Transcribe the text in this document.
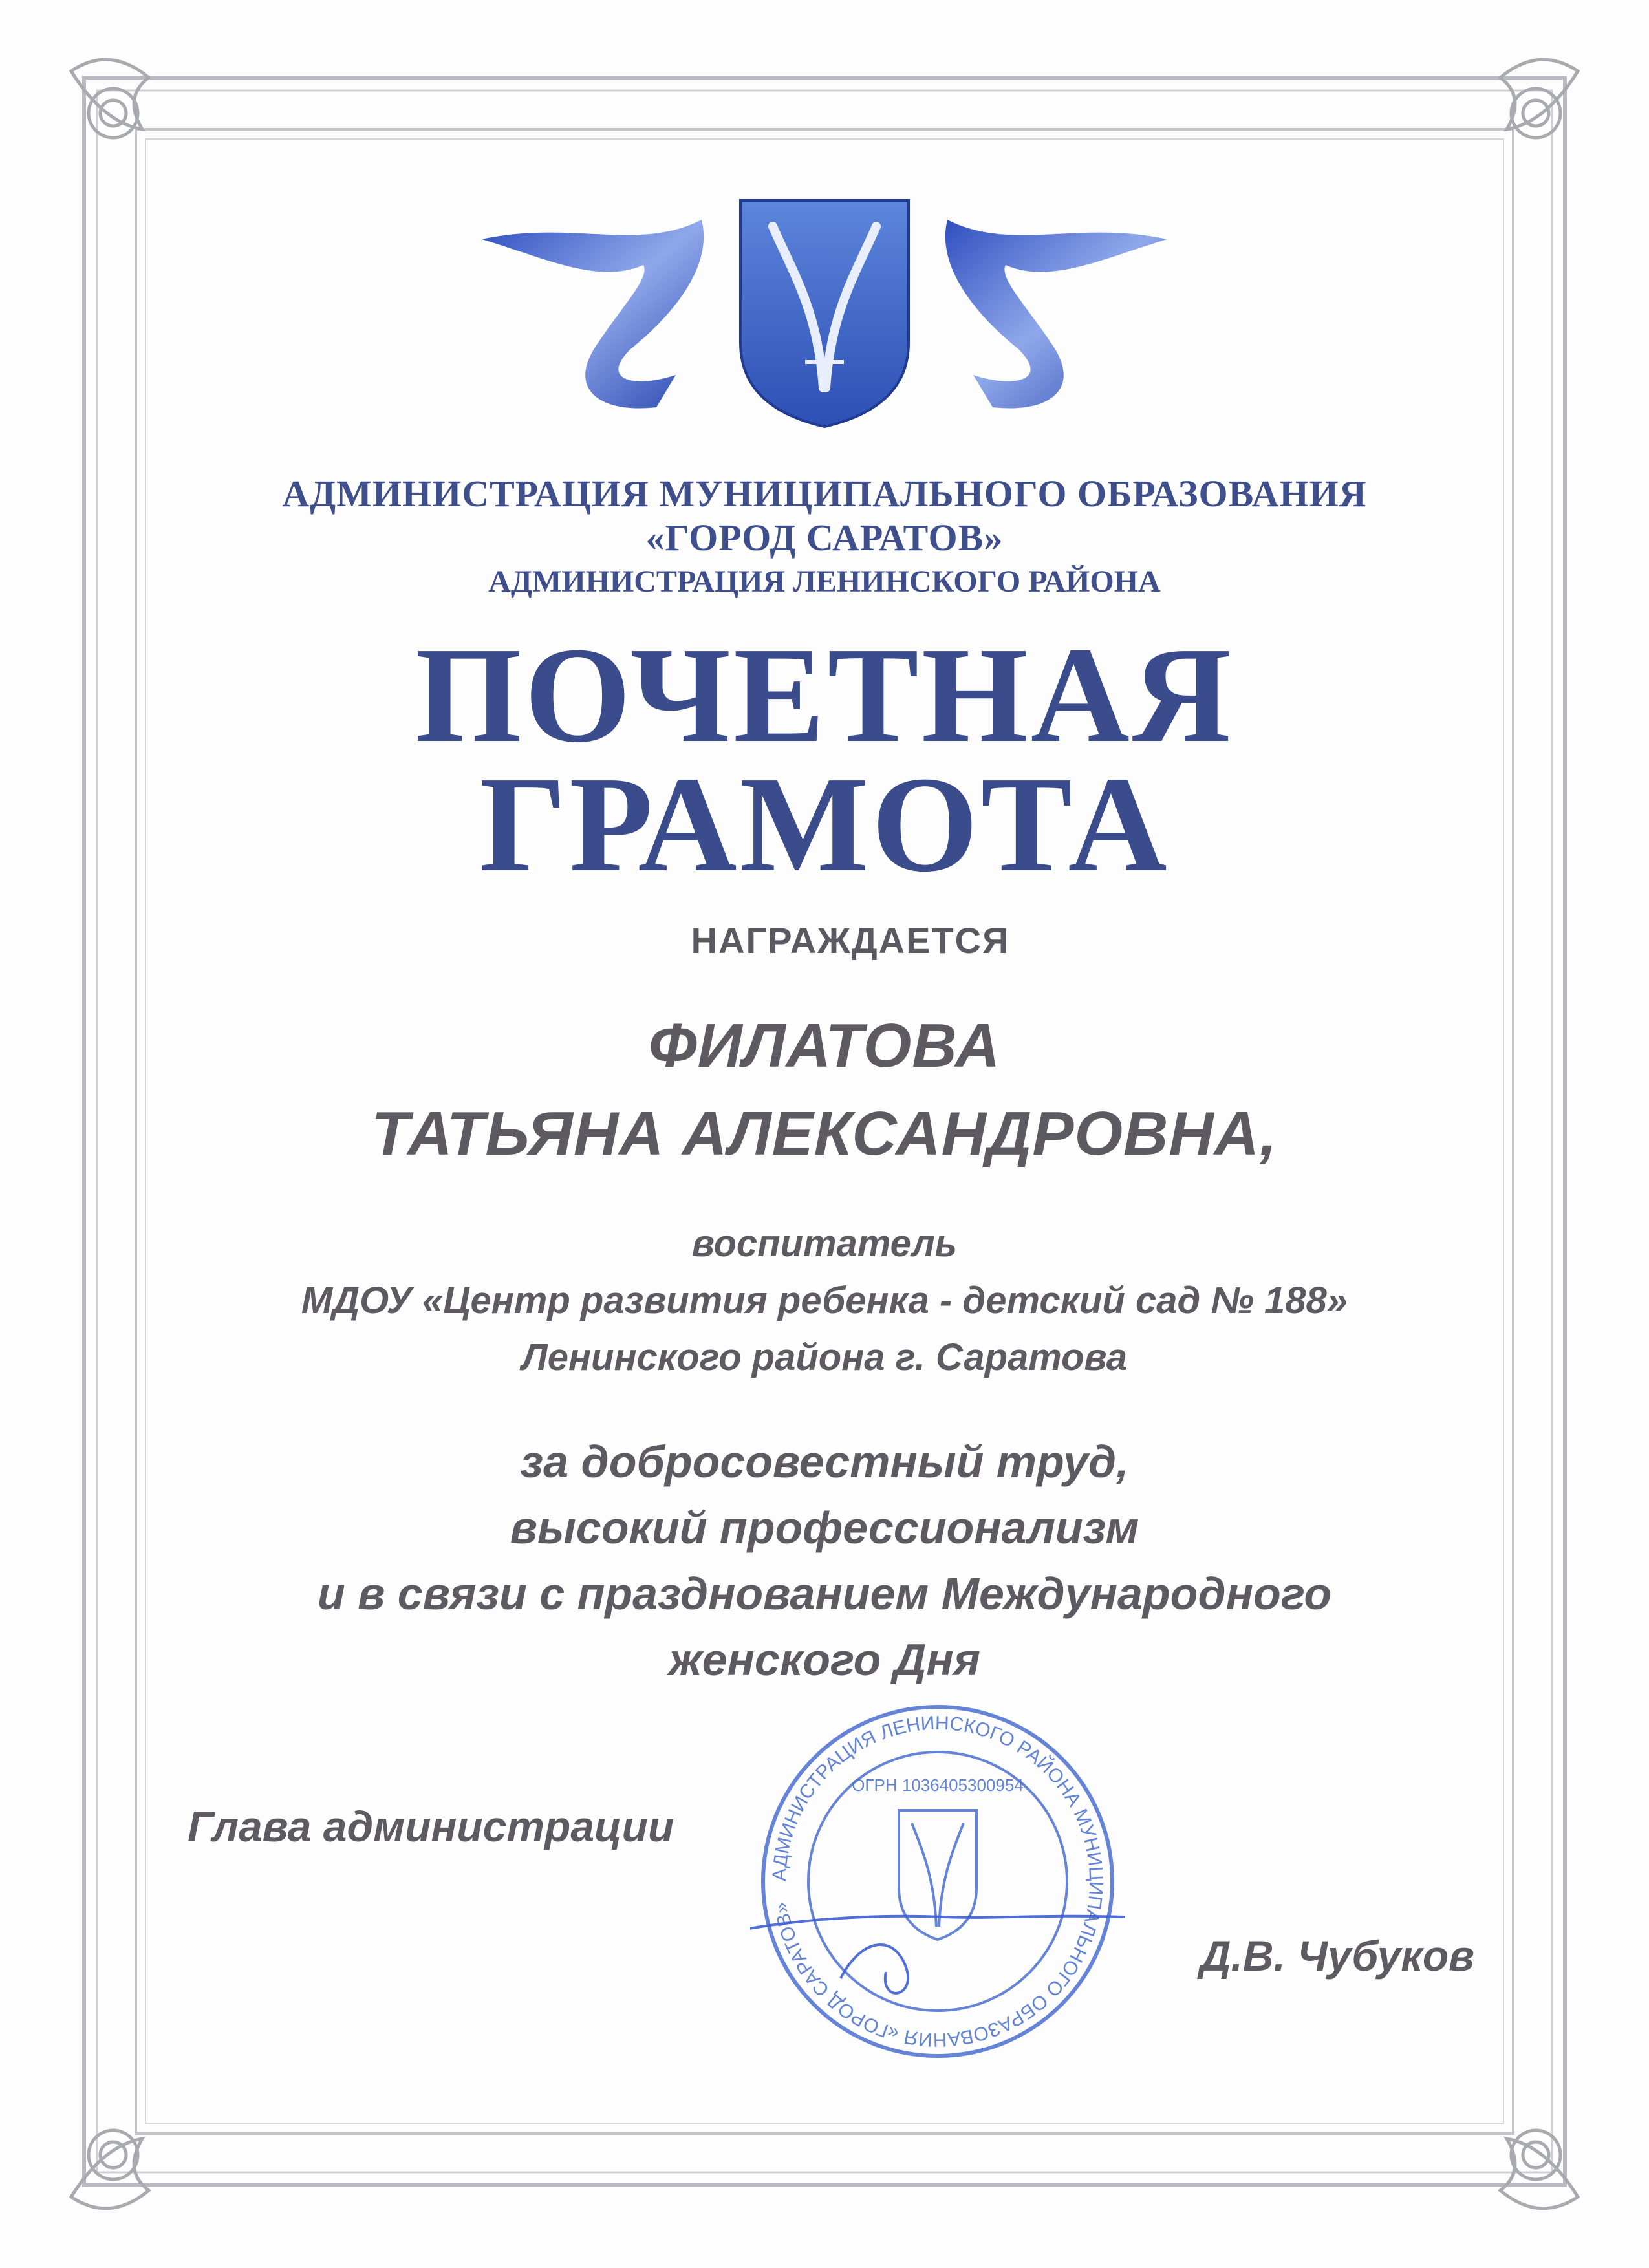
АДМИНИСТРАЦИЯ МУНИЦИПАЛЬНОГО ОБРАЗОВАНИЯ
«ГОРОД САРАТОВ»
АДМИНИСТРАЦИЯ ЛЕНИНСКОГО РАЙОНА
ПОЧЕТНАЯ
ГРАМОТА
НАГРАЖДАЕТСЯ
ФИЛАТОВА
ТАТЬЯНА АЛЕКСАНДРОВНА,
воспитатель
МДОУ «Центр развития ребенка - детский сад № 188»
Ленинского района г. Саратова
за добросовестный труд,
высокий профессионализм
и в связи с празднованием Международного
женского Дня
АДМИНИСТРАЦИЯ ЛЕНИНСКОГО РАЙОНА МУНИЦИПАЛЬНОГО ОБРАЗОВАНИЯ «ГОРОД САРАТОВ»
ОГРН 1036405300954
Глава администрации
Д.В. Чубуков
